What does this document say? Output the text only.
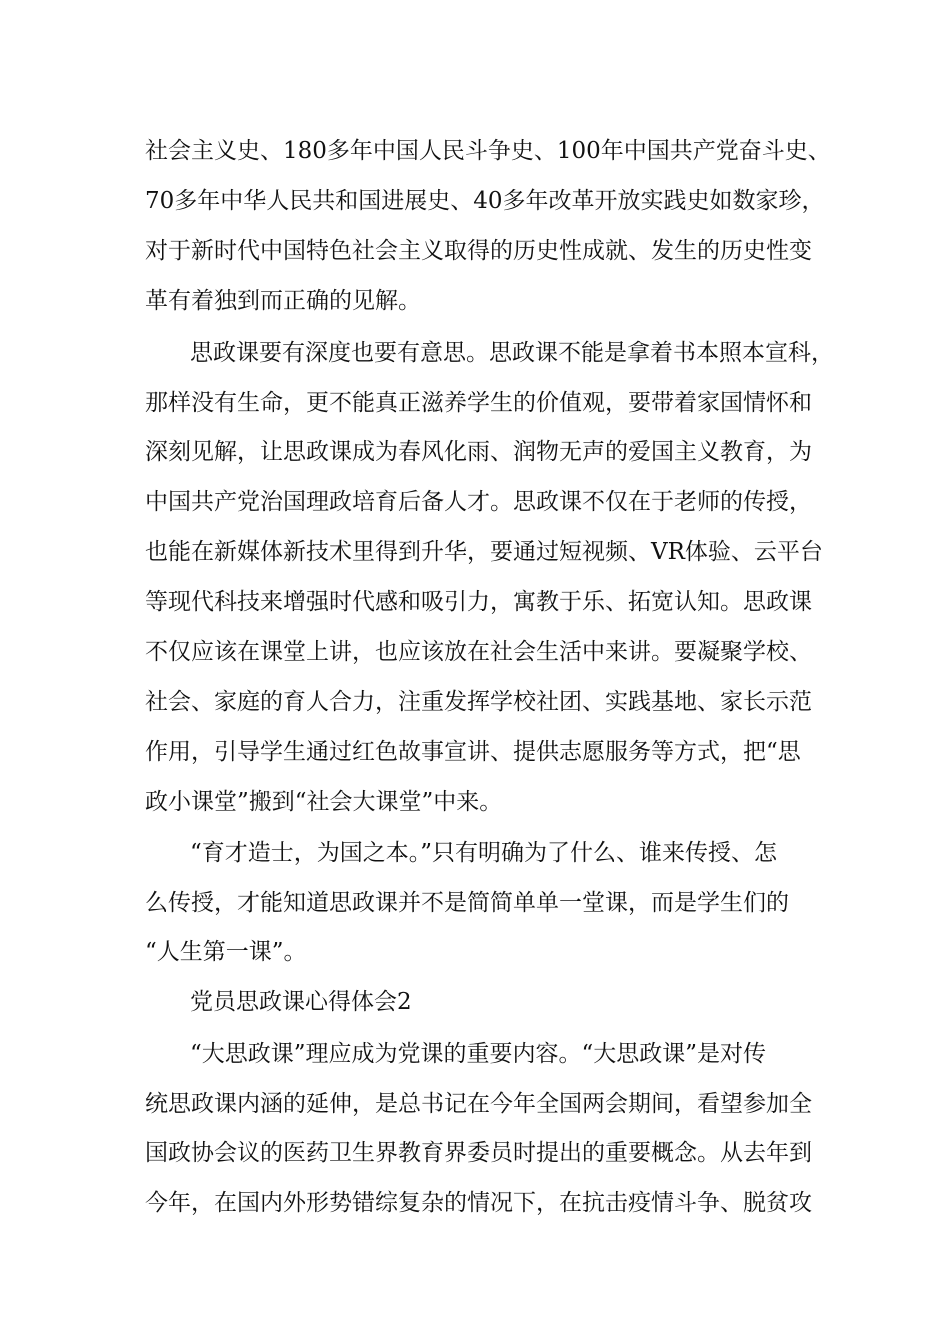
社会主义史、180多年中国人民斗争史、100年中国共产党奋斗史、
70多年中华人民共和国进展史、40多年改革开放实践史如数家珍，
对于新时代中国特色社会主义取得的历史性成就、发生的历史性变
革有着独到而正确的见解。
思政课要有深度也要有意思。思政课不能是拿着书本照本宣科，
那样没有生命，更不能真正滋养学生的价值观，要带着家国情怀和
深刻见解，让思政课成为春风化雨、润物无声的爱国主义教育，为
中国共产党治国理政培育后备人才。思政课不仅在于老师的传授，
也能在新媒体新技术里得到升华，要通过短视频、VR体验、云平台
等现代科技来增强时代感和吸引力，寓教于乐、拓宽认知。思政课
不仅应该在课堂上讲，也应该放在社会生活中来讲。要凝聚学校、
社会、家庭的育人合力，注重发挥学校社团、实践基地、家长示范
作用，引导学生通过红色故事宣讲、提供志愿服务等方式，把“思
政小课堂”搬到“社会大课堂”中来。
“育才造士，为国之本。”只有明确为了什么、谁来传授、怎
么传授，才能知道思政课并不是简简单单一堂课，而是学生们的
“人生第一课”。
党员思政课心得体会2
“大思政课”理应成为党课的重要内容。“大思政课”是对传
统思政课内涵的延伸，是总书记在今年全国两会期间，看望参加全
国政协会议的医药卫生界教育界委员时提出的重要概念。从去年到
今年，在国内外形势错综复杂的情况下，在抗击疫情斗争、脱贫攻
